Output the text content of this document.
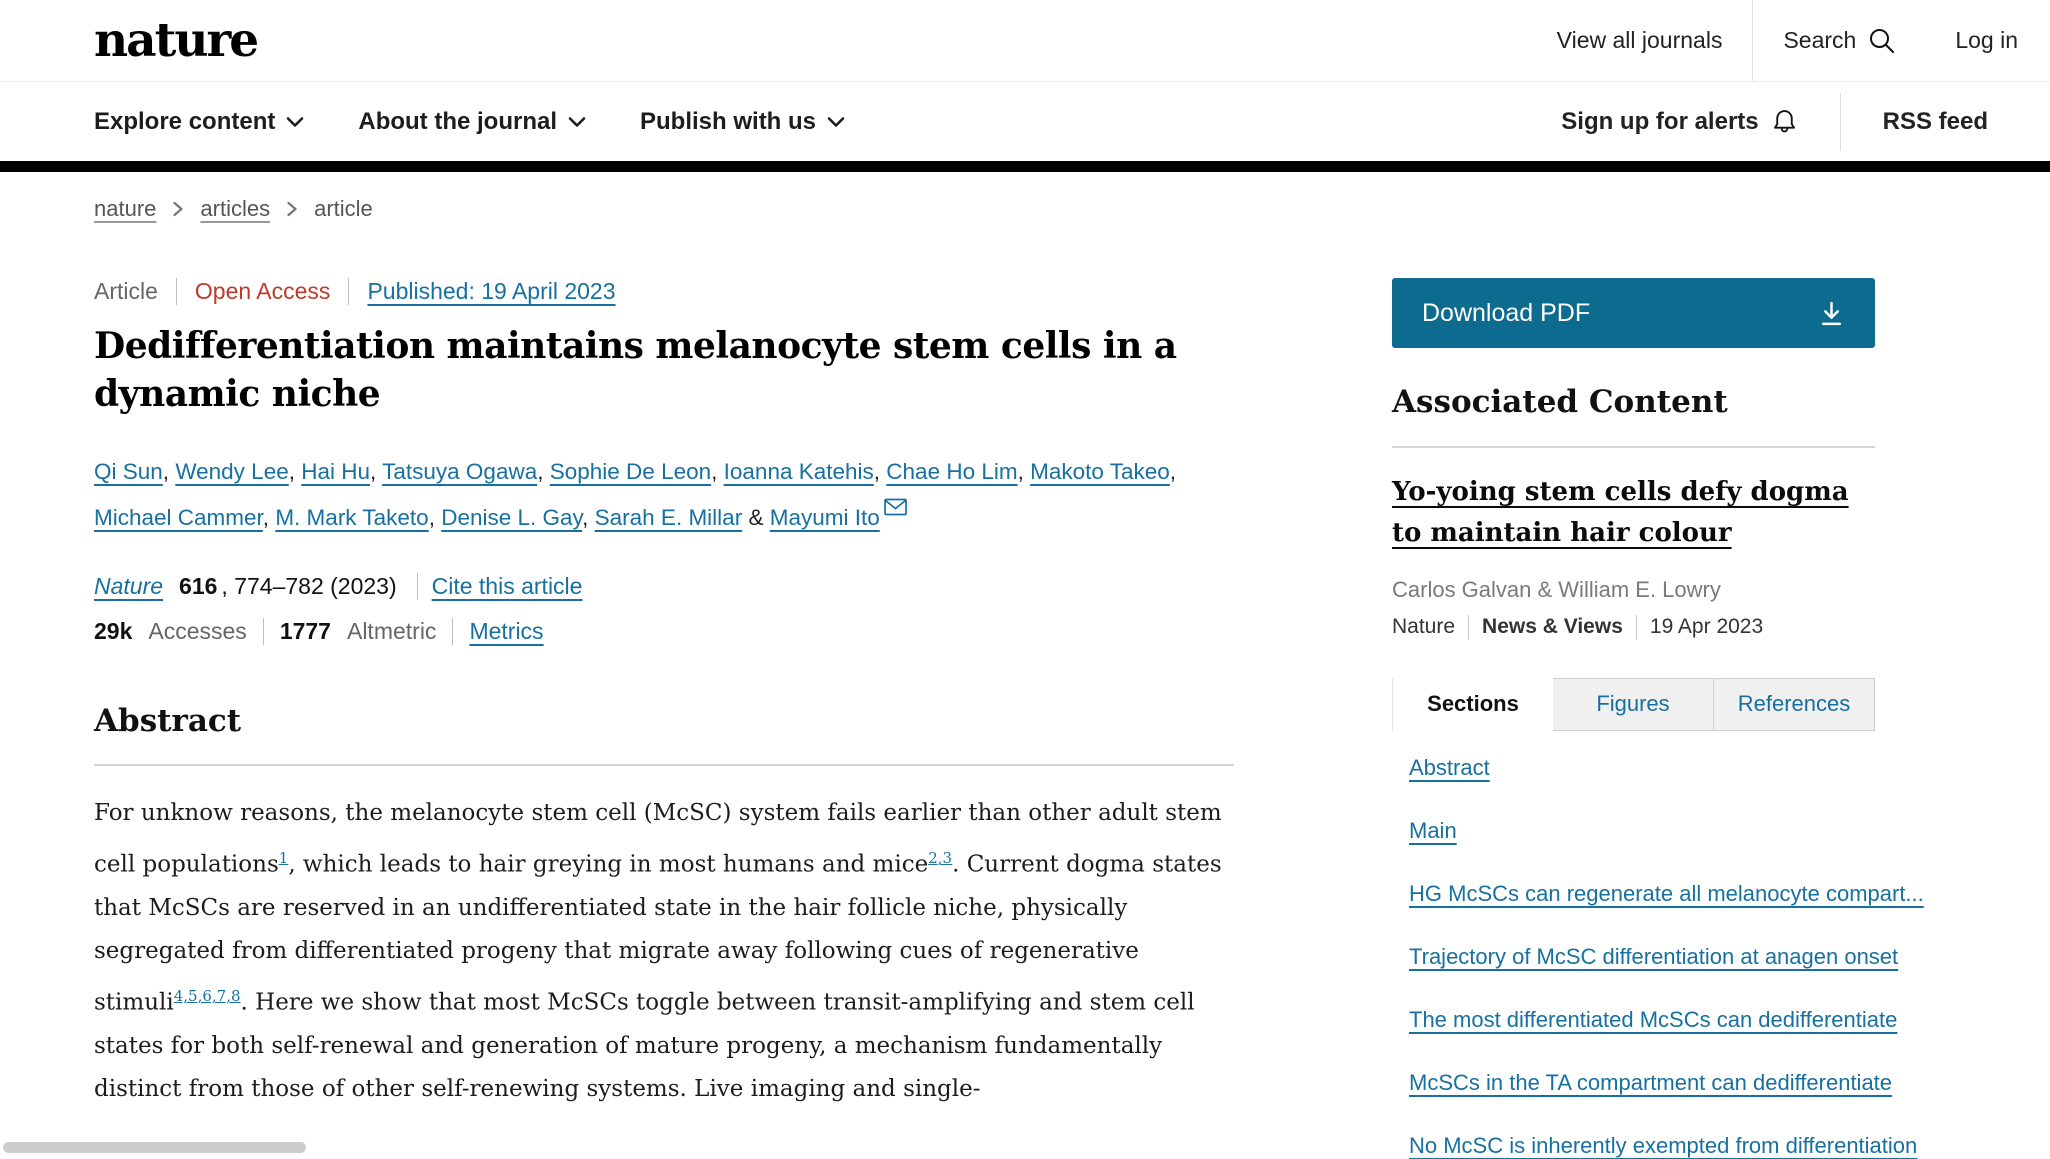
nature	View all journals	Search	Log in
Explore content	About the journal	Publish with us	Sign up for alerts	RSS feed
nature articles article
Article Open Access Published: 19 April 2023
Dedifferentiation maintains melanocyte stem cells in a dynamic niche
Qi Sun, Wendy Lee, Hai Hu, Tatsuya Ogawa, Sophie De Leon, Ioanna Katehis, Chae Ho Lim, Makoto Takeo, Michael Cammer, M. Mark Taketo, Denise L. Gay, Sarah E. Millar & Mayumi Ito
Nature 616 , 774–782 (2023) Cite this article
29k Accesses 1777 Altmetric Metrics
Abstract

For unknow reasons, the melanocyte stem cell (McSC) system fails earlier than other adult stem cell populations$^1$, which leads to hair greying in most humans and mice$^{2,3}$. Current dogma states that McSCs are reserved in an undifferentiated state in the hair follicle niche, physically segregated from differentiated progeny that migrate away following cues of regenerative stimuli$^{4,5,6,7,8}$. Here we show that most McSCs toggle between transit-amplifying and stem cell states for both self-renewal and generation of mature progeny, a mechanism fundamentally distinct from those of other self-renewing systems. Live imaging and single-

Download PDF
Associated Content
Yo-yoing stem cells defy dogma to maintain hair colour
Carlos Galvan & William E. Lowry
Nature News & Views 19 Apr 2023
Sections	Figures	References
Abstract
Main
HG McSCs can regenerate all melanocyte compart...
Trajectory of McSC differentiation at anagen onset
The most differentiated McSCs can dedifferentiate
McSCs in the TA compartment can dedifferentiate
No McSC is inherently exempted from differentiation
